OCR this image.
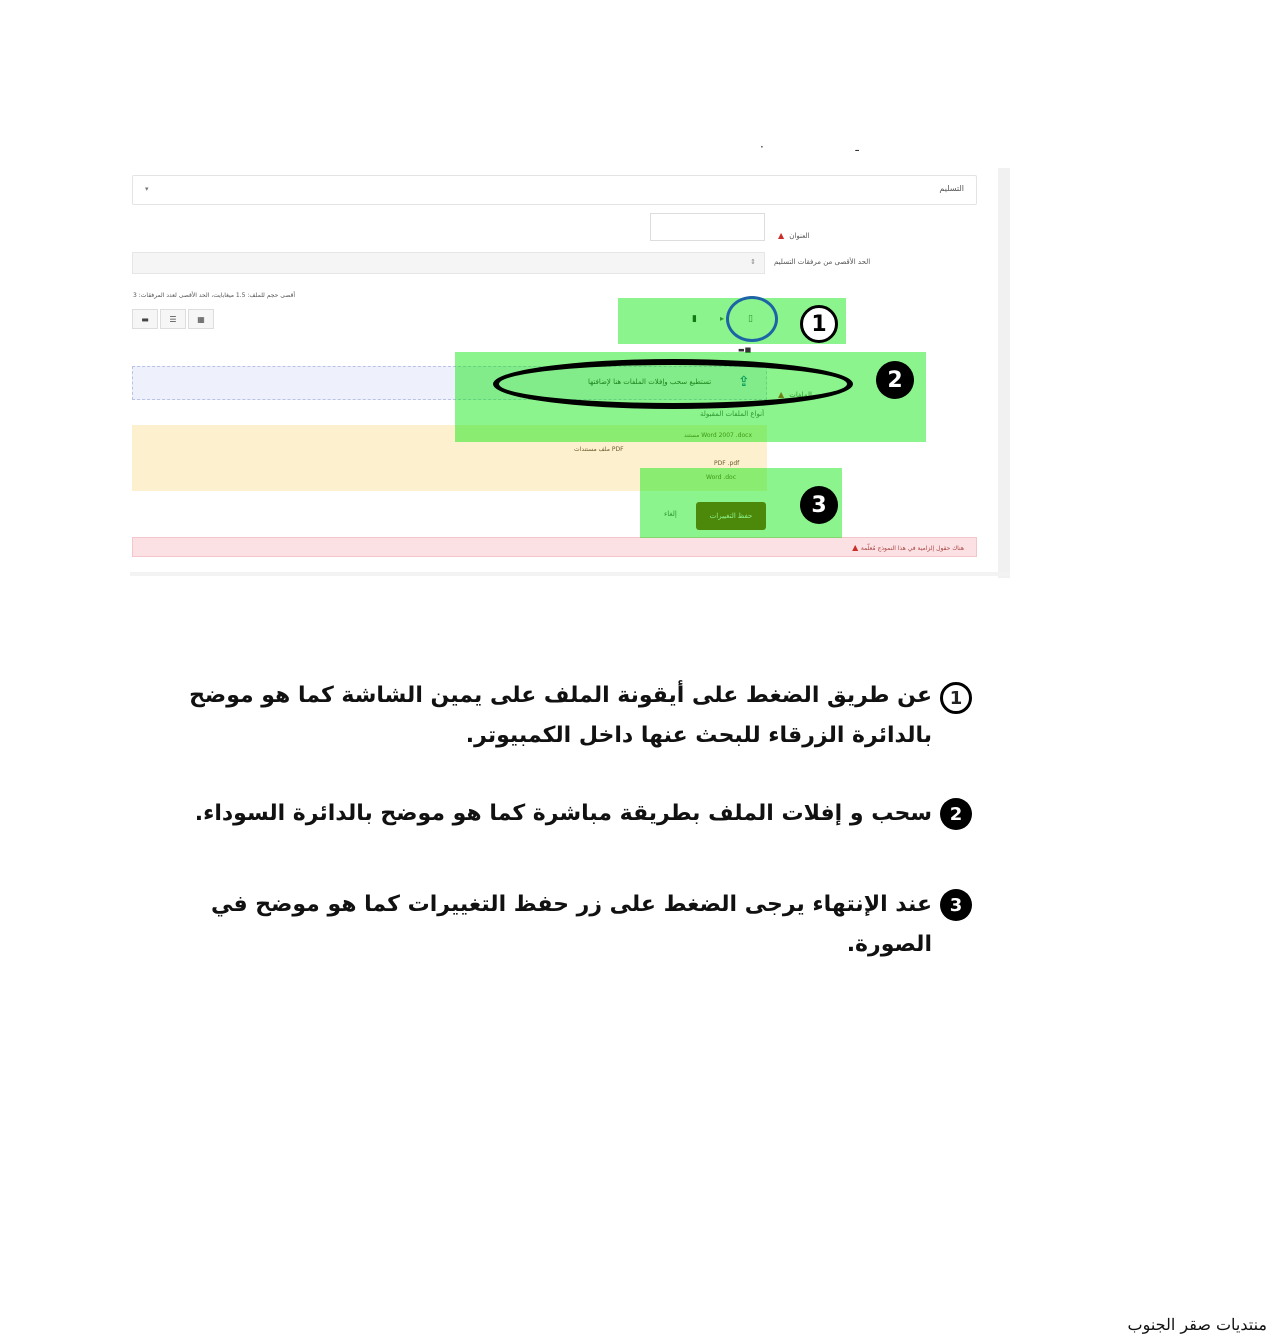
·                        ـ
التسليم
▾
▲ العنوان
الحد الأقصى من مرفقات التسليم
⇕
أقصى حجم للملف: 1.5 ميغابايت، الحد الأقصى لعدد المرفقات: 3
▬	☰	▦	▮	▸	▯
▬■
▲ الملفات
تستطيع سحب وإفلات الملفات هنا لإضافتها ⇪
أنواع الملفات المقبولة
مستند Word 2007 .docx
ملف مستندات PDF
PDF .pdf
Word .doc
إلغاء	حفظ التغييرات
▲ هناك حقول إلزامية في هذا النموذج مُعلّمة
1
2
3
1
عن طريق الضغط على أيقونة الملف على يمين الشاشة كما هو موضح بالدائرة الزرقاء للبحث عنها داخل الكمبيوتر.
2
سحب و إفلات الملف بطريقة مباشرة كما هو موضح بالدائرة السوداء.
3
عند الإنتهاء يرجى الضغط على زر حفظ التغييرات كما هو موضح في الصورة.
منتديات صقر الجنوب
